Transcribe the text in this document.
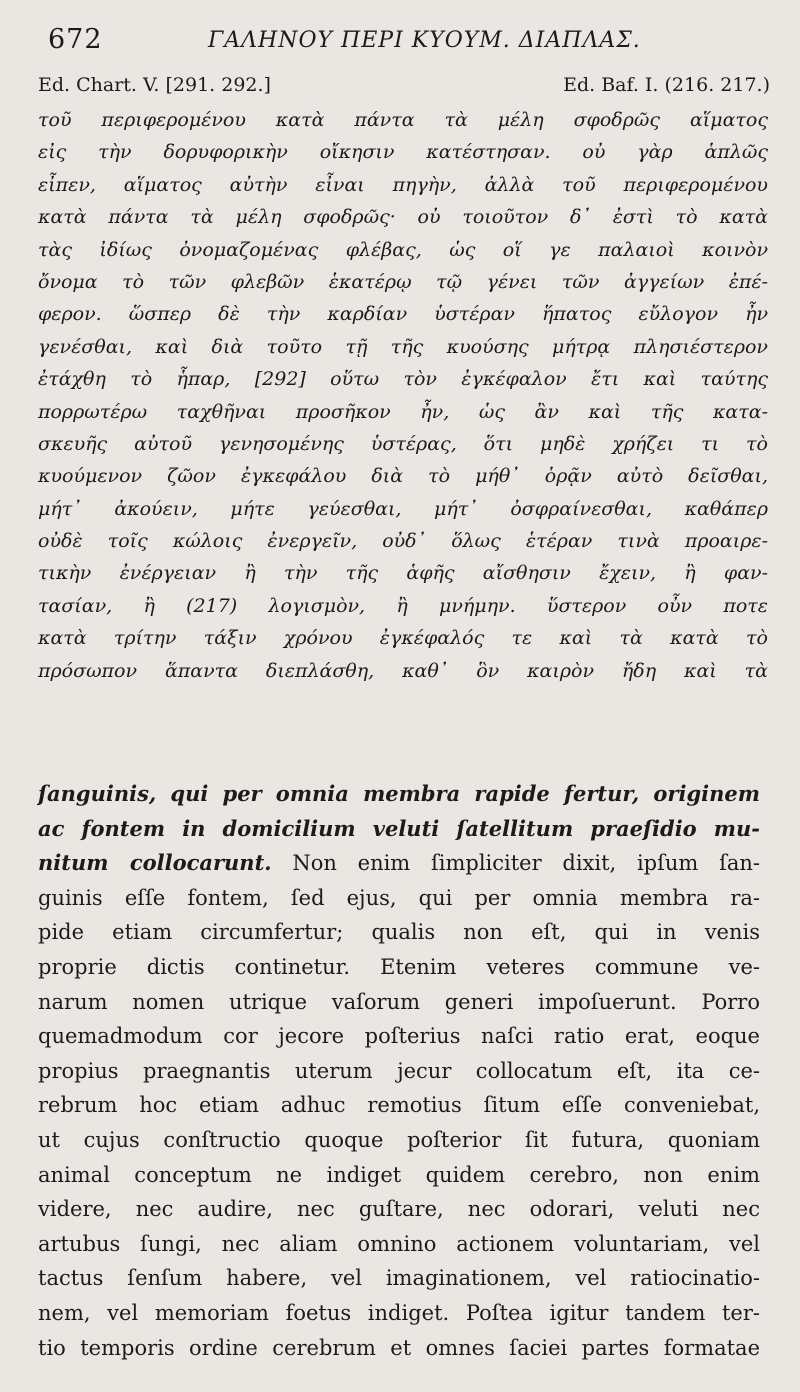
672	ΓΑΛΗΝΟΥ ΠΕΡΙ ΚΥΟΥΜ. ΔΙΑΠΛΑΣ.
Ed. Chart. V. [291. 292.]	Ed. Baf. I. (216. 217.)
τοῦ περιφερομένου κατὰ πάντα τὰ μέλη σφοδρῶς αἵματος
εἰς τὴν δορυφορικὴν οἴκησιν κατέστησαν. οὐ γὰρ ἁπλῶς
εἶπεν, αἵματος αὐτὴν εἶναι πηγὴν, ἀλλὰ τοῦ περιφερομένου
κατὰ πάντα τὰ μέλη σφοδρῶς· οὐ τοιοῦτον δ᾽ ἐστὶ τὸ κατὰ
τὰς ἰδίως ὀνομαζομένας φλέβας, ὡς οἵ γε παλαιοὶ κοινὸν
ὄνομα τὸ τῶν φλεβῶν ἑκατέρῳ τῷ γένει τῶν ἀγγείων ἐπέ-
φερον. ὥσπερ δὲ τὴν καρδίαν ὑστέραν ἥπατος εὔλογον ἦν
γενέσθαι, καὶ διὰ τοῦτο τῇ τῆς κυούσης μήτρᾳ πλησιέστερον
ἐτάχθη τὸ ἧπαρ, [292] οὕτω τὸν ἐγκέφαλον ἔτι καὶ ταύτης
πορρωτέρω ταχθῆναι προσῆκον ἦν, ὡς ἂν καὶ τῆς κατα-
σκευῆς αὐτοῦ γενησομένης ὑστέρας, ὅτι μηδὲ χρήζει τι τὸ
κυούμενον ζῶον ἐγκεφάλου διὰ τὸ μήθ᾽ ὁρᾷν αὐτὸ δεῖσθαι,
μήτ᾽ ἀκούειν, μήτε γεύεσθαι, μήτ᾽ ὀσφραίνεσθαι, καθάπερ
οὐδὲ τοῖς κώλοις ἐνεργεῖν, οὐδ᾽ ὅλως ἑτέραν τινὰ προαιρε-
τικὴν ἐνέργειαν ἢ τὴν τῆς ἁφῆς αἴσθησιν ἔχειν, ἢ φαν-
τασίαν, ἢ (217) λογισμὸν, ἢ μνήμην. ὕστερον οὖν ποτε
κατὰ τρίτην τάξιν χρόνου ἐγκέφαλός τε καὶ τὰ κατὰ τὸ
πρόσωπον ἅπαντα διεπλάσθη, καθ᾽ ὃν καιρὸν ἤδη καὶ τὰ
ſanguinis, qui per omnia membra rapide fertur, originem
ac fontem in domicilium veluti ſatellitum praeſidio mu-
nitum collocarunt. Non enim ſimpliciter dixit, ipſum ſan-
guinis eſſe fontem, ſed ejus, qui per omnia membra ra-
pide etiam circumfertur; qualis non eſt, qui in venis
proprie dictis continetur. Etenim veteres commune ve-
narum nomen utrique vaſorum generi impoſuerunt. Porro
quemadmodum cor jecore poſterius naſci ratio erat, eoque
propius praegnantis uterum jecur collocatum eſt, ita ce-
rebrum hoc etiam adhuc remotius ſitum eſſe conveniebat,
ut cujus conſtructio quoque poſterior ſit futura, quoniam
animal conceptum ne indiget quidem cerebro, non enim
videre, nec audire, nec guſtare, nec odorari, veluti nec
artubus ſungi, nec aliam omnino actionem voluntariam, vel
tactus ſenſum habere, vel imaginationem, vel ratiocinatio-
nem, vel memoriam foetus indiget. Poſtea igitur tandem ter-
tio temporis ordine cerebrum et omnes ſaciei partes formatae
